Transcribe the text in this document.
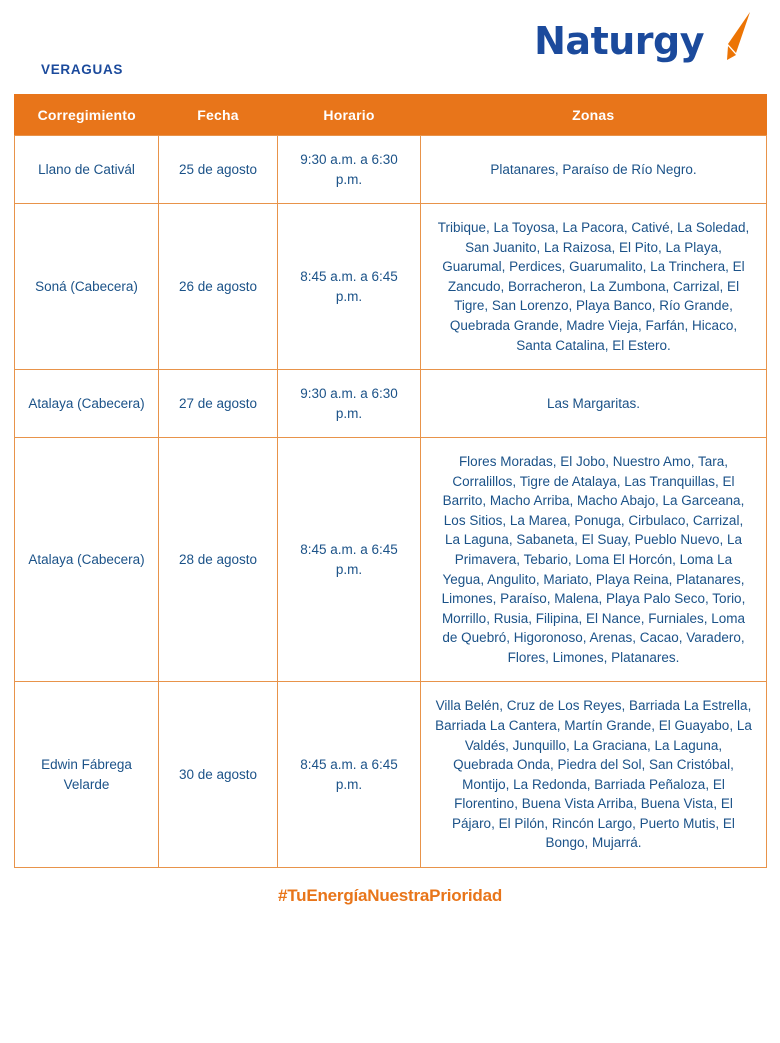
Naturgy
VERAGUAS
Corregimiento	Fecha	Horario	Zonas
Llano de Cativál	25 de agosto	9:30 a.m. a 6:30 p.m.	Platanares, Paraíso de Río Negro.
Soná (Cabecera)	26 de agosto	8:45 a.m. a 6:45 p.m.	Tribique, La Toyosa, La Pacora, Cativé, La Soledad, San Juanito, La Raizosa, El Pito, La Playa, Guarumal, Perdices, Guarumalito, La Trinchera, El Zancudo, Borracheron, La Zumbona, Carrizal, El Tigre, San Lorenzo, Playa Banco, Río Grande, Quebrada Grande, Madre Vieja, Farfán, Hicaco, Santa Catalina, El Estero.
Atalaya (Cabecera)	27 de agosto	9:30 a.m. a 6:30 p.m.	Las Margaritas.
Atalaya (Cabecera)	28 de agosto	8:45 a.m. a 6:45 p.m.	Flores Moradas, El Jobo, Nuestro Amo, Tara, Corralillos, Tigre de Atalaya, Las Tranquillas, El Barrito, Macho Arriba, Macho Abajo, La Garceana, Los Sitios, La Marea, Ponuga, Cirbulaco, Carrizal, La Laguna, Sabaneta, El Suay, Pueblo Nuevo, La Primavera, Tebario, Loma El Horcón, Loma La Yegua, Angulito, Mariato, Playa Reina, Platanares, Limones, Paraíso, Malena, Playa Palo Seco, Torio, Morrillo, Rusia, Filipina, El Nance, Furniales, Loma de Quebró, Higoronoso, Arenas, Cacao, Varadero, Flores, Limones, Platanares.
Edwin Fábrega Velarde	30 de agosto	8:45 a.m. a 6:45 p.m.	Villa Belén, Cruz de Los Reyes, Barriada La Estrella, Barriada La Cantera, Martín Grande, El Guayabo, La Valdés, Junquillo, La Graciana, La Laguna, Quebrada Onda, Piedra del Sol, San Cristóbal, Montijo, La Redonda, Barriada Peñaloza, El Florentino, Buena Vista Arriba, Buena Vista, El Pájaro, El Pilón, Rincón Largo, Puerto Mutis, El Bongo, Mujarrá.
#TuEnergíaNuestraPrioridad
